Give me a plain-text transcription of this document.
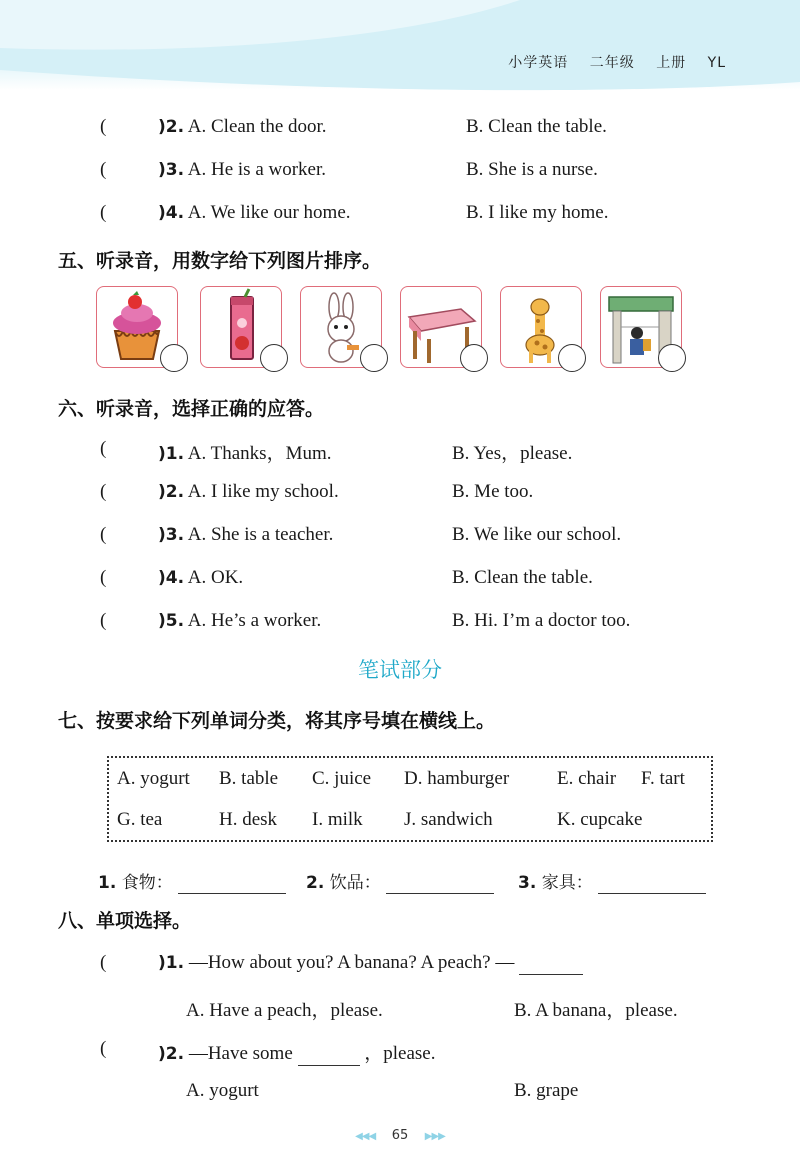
小学英语 二年级 上册 YL
(	)2. A. Clean the door.	B. Clean the table.
(	)3. A. He is a worker.	B. She is a nurse.
(	)4. A. We like our home.	B. I like my home.
五、听录音，用数字给下列图片排序。
六、听录音，选择正确的应答。
(	)1. A. Thanks，Mum.	B. Yes，please.
(	)2. A. I like my school.	B. Me too.
(	)3. A. She is a teacher.	B. We like our school.
(	)4. A. OK.	B. Clean the table.
(	)5. A. He’s a worker.	B. Hi. I’m a doctor too.
笔试部分
七、按要求给下列单词分类，将其序号填在横线上。
A. yogurt B. table C. juice D. hamburger	E. chair F. tart
G. tea	H. desk I. milk J. sandwich	K. cupcake
1. 食物：	2. 饮品：	3. 家具：
八、单项选择。
(	)1. —How about you? A banana? A peach? —
A. Have a peach，please.	B. A banana，please.
(	)2. —Have some	，please.
A. yogurt	B. grape
◀◀◀ 65 ▶▶▶
